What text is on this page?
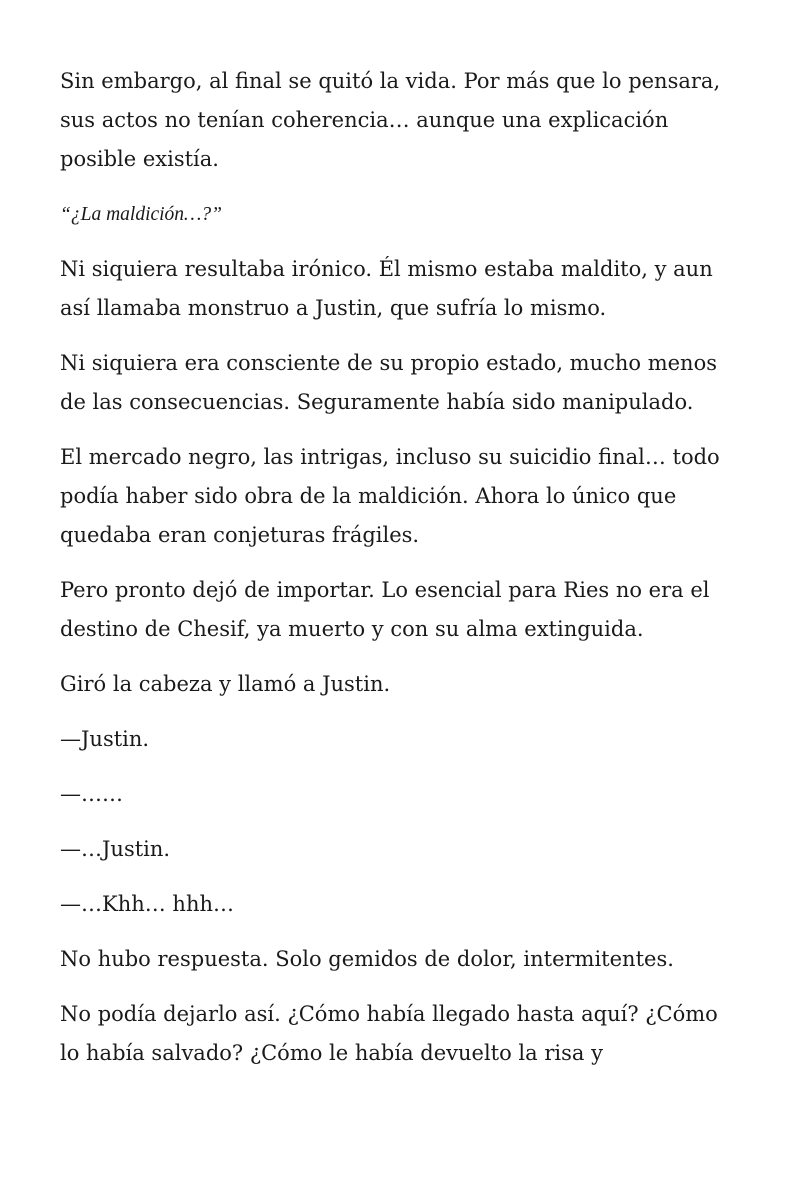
Sin embargo, al final se quitó la vida. Por más que lo pensara, sus actos no tenían coherencia… aunque una explicación posible existía.

“¿La maldición…?”

Ni siquiera resultaba irónico. Él mismo estaba maldito, y aun así llamaba monstruo a Justin, que sufría lo mismo.

Ni siquiera era consciente de su propio estado, mucho menos de las consecuencias. Seguramente había sido manipulado.

El mercado negro, las intrigas, incluso su suicidio final… todo podía haber sido obra de la maldición. Ahora lo único que quedaba eran conjeturas frágiles.

Pero pronto dejó de importar. Lo esencial para Ries no era el destino de Chesif, ya muerto y con su alma extinguida.

Giró la cabeza y llamó a Justin.

—Justin.

—……

—…Justin.

—…Khh… hhh…

No hubo respuesta. Solo gemidos de dolor, intermitentes.

No podía dejarlo así. ¿Cómo había llegado hasta aquí? ¿Cómo lo había salvado? ¿Cómo le había devuelto la risa y
